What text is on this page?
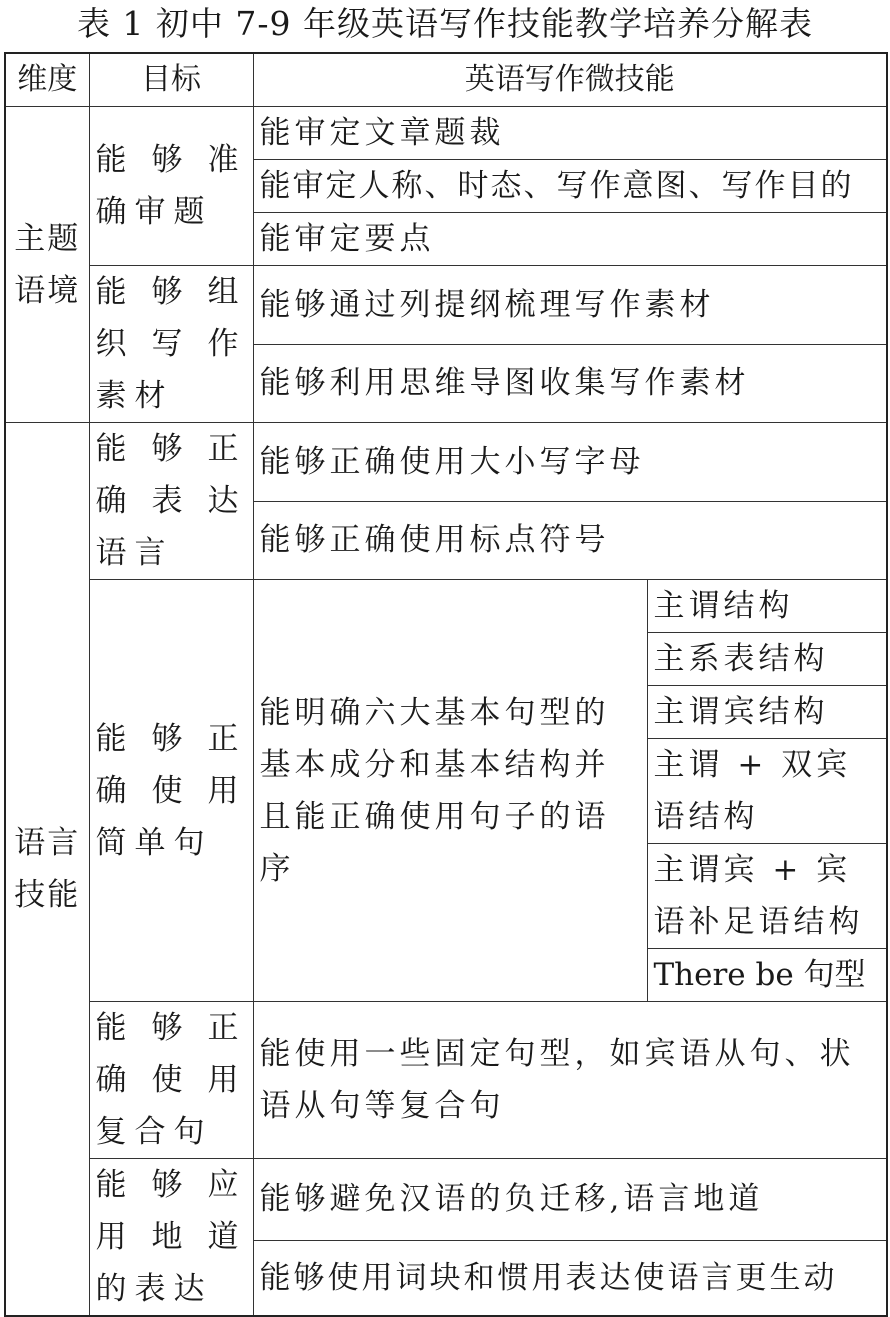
表 1 初中 7-9 年级英语写作技能教学培养分解表
维度	目标	英语写作微技能	
主题语境	能够准确审题	能审定文章题裁	
		能审定人称、时态、写作意图、写作目的	
		能审定要点	
	能够组织写作素材	能够通过列提纲梳理写作素材	
		能够利用思维导图收集写作素材	
语言技能	能够正确表达语言	能够正确使用大小写字母	
		能够正确使用标点符号	
	能够正确使用简单句	能明确六大基本句型的基本成分和基本结构并且能正确使用句子的语序	主谓结构
			主系表结构
			主谓宾结构
			主谓 + 双宾语结构
			主谓宾 + 宾语补足语结构
			There be 句型
	能够正确使用复合句	能使用一些固定句型，如宾语从句、状语从句等复合句	
	能够应用地道的表达	能够避免汉语的负迁移,语言地道	
		能够使用词块和惯用表达使语言更生动	
